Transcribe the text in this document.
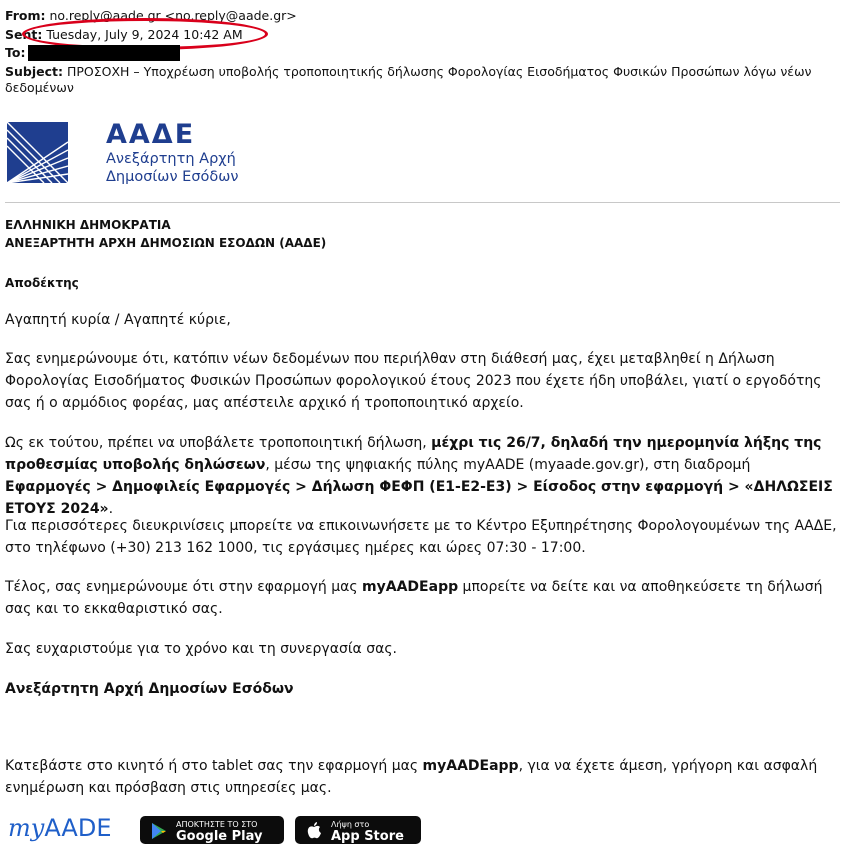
From: no.reply@aade.gr <no.reply@aade.gr>
Sent: Tuesday, July 9, 2024 10:42 AM
To:
Subject: ΠΡΟΣΟΧΗ – Υποχρέωση υποβολής τροποποιητικής δήλωσης Φορολογίας Εισοδήματος Φυσικών Προσώπων λόγω νέων
δεδομένων
ΑΑΔΕ
Ανεξάρτητη Αρχή
Δημοσίων Εσόδων
ΕΛΛΗΝΙΚΗ ΔΗΜΟΚΡΑΤΙΑ
ΑΝΕΞΑΡΤΗΤΗ ΑΡΧΗ ΔΗΜΟΣΙΩΝ ΕΣΟΔΩΝ (ΑΑΔΕ)
Αποδέκτης
Αγαπητή κυρία / Αγαπητέ κύριε,
Σας ενημερώνουμε ότι, κατόπιν νέων δεδομένων που περιήλθαν στη διάθεσή μας, έχει μεταβληθεί η Δήλωση Φορολογίας Εισοδήματος Φυσικών Προσώπων φορολογικού έτους 2023 που έχετε ήδη υποβάλει, γιατί ο εργοδότης σας ή ο αρμόδιος φορέας, μας απέστειλε αρχικό ή τροποποιητικό αρχείο.
Ως εκ τούτου, πρέπει να υποβάλετε τροποποιητική δήλωση, μέχρι τις 26/7, δηλαδή την ημερομηνία λήξης της προθεσμίας υποβολής δηλώσεων, μέσω της ψηφιακής πύλης myAADE (myaade.gov.gr), στη διαδρομή Εφαρμογές > Δημοφιλείς Εφαρμογές > Δήλωση ΦΕΦΠ (Ε1-Ε2-Ε3) > Είσοδος στην εφαρμογή > «ΔΗΛΩΣΕΙΣ ΕΤΟΥΣ 2024».
Για περισσότερες διευκρινίσεις μπορείτε να επικοινωνήσετε με το Κέντρο Εξυπηρέτησης Φορολογουμένων της ΑΑΔΕ, στο τηλέφωνο (+30) 213 162 1000, τις εργάσιμες ημέρες και ώρες 07:30 - 17:00.
Τέλος, σας ενημερώνουμε ότι στην εφαρμογή μας myAADEapp μπορείτε να δείτε και να αποθηκεύσετε τη δήλωσή σας και το εκκαθαριστικό σας.
Σας ευχαριστούμε για το χρόνο και τη συνεργασία σας.
Ανεξάρτητη Αρχή Δημοσίων Εσόδων
Κατεβάστε στο κινητό ή στο tablet σας την εφαρμογή μας myAADEapp, για να έχετε άμεση, γρήγορη και ασφαλή ενημέρωση και πρόσβαση στις υπηρεσίες μας.
myAADE	ΑΠΟΚΤΗΣΤΕ ΤΟ ΣΤΟ
Google Play
Λήψη στο
App Store
